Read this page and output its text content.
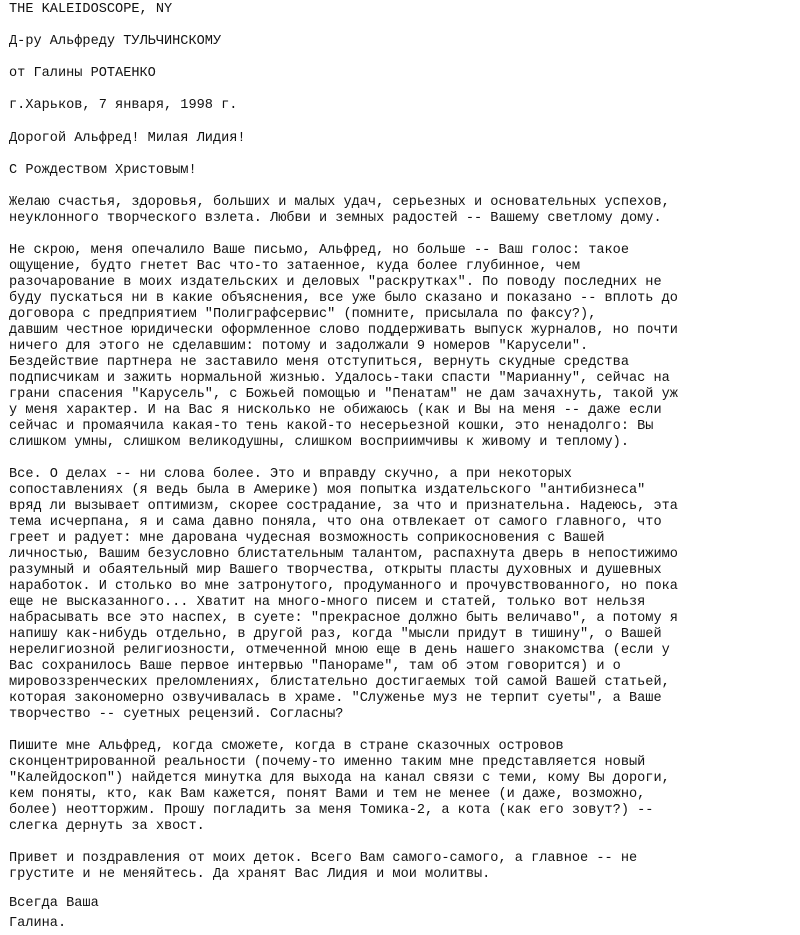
THE KALEIDOSCOPE, NY
Д-ру Альфреду ТУЛЬЧИНСКОМУ
от Галины РОТАЕНКО
г.Харьков, 7 января, 1998 г.
Дорогой Альфред! Милая Лидия!
С Рождеством Христовым!
Желаю счастья, здоровья, больших и малых удач, серьезных и основательных успехов,
неуклонного творческого взлета. Любви и земных радостей -- Вашему светлому дому.
Не скрою, меня опечалило Ваше письмо, Альфред, но больше -- Ваш голос: такое
ощущение, будто гнетет Вас что-то затаенное, куда более глубинное, чем
разочарование в моих издательских и деловых "раскрутках". По поводу последних не
буду пускаться ни в какие объяснения, все уже было сказано и показано -- вплоть до
договора с предприятием "Полиграфсервис" (помните, присылала по факсу?),
давшим честное юридически оформленное слово поддерживать выпуск журналов, но почти
ничего для этого не сделавшим: потому и задолжали 9 номеров "Карусели".
Бездействие партнера не заставило меня отступиться, вернуть скудные средства
подписчикам и зажить нормальной жизнью. Удалось-таки спасти "Марианну", сейчас на
грани спасения "Карусель", с Божьей помощью и "Пенатам" не дам зачахнуть, такой уж
у меня характер. И на Вас я нисколько не обижаюсь (как и Вы на меня -- даже если
сейчас и промаячила какая-то тень какой-то несерьезной кошки, это ненадолго: Вы
слишком умны, слишком великодушны, слишком восприимчивы к живому и теплому).
Все. О делах -- ни слова более. Это и вправду скучно, а при некоторых
сопоставлениях (я ведь была в Америке) моя попытка издательского "антибизнеса"
вряд ли вызывает оптимизм, скорее сострадание, за что и признательна. Надеюсь, эта
тема исчерпана, я и сама давно поняла, что она отвлекает от самого главного, что
греет и радует: мне дарована чудесная возможность соприкосновения с Вашей
личностью, Вашим безусловно блистательным талантом, распахнута дверь в непостижимо
разумный и обаятельный мир Вашего творчества, открыты пласты духовных и душевных
наработок. И столько во мне затронутого, продуманного и прочувствованного, но пока
еще не высказанного... Хватит на много-много писем и статей, только вот нельзя
набрасывать все это наспех, в суете: "прекрасное должно быть величаво", а потому я
напишу как-нибудь отдельно, в другой раз, когда "мысли придут в тишину", о Вашей
нерелигиозной религиозности, отмеченной мною еще в день нашего знакомства (если у
Вас сохранилось Ваше первое интервью "Панораме", там об этом говорится) и о
мировоззренческих преломлениях, блистательно достигаемых той самой Вашей статьей,
которая закономерно озвучивалась в храме. "Служенье муз не терпит суеты", а Ваше
творчество -- суетных рецензий. Согласны?
Пишите мне Альфред, когда сможете, когда в стране сказочных островов
сконцентрированной реальности (почему-то именно таким мне представляется новый
"Калейдоскоп") найдется минутка для выхода на канал связи с теми, кому Вы дороги,
кем поняты, кто, как Вам кажется, понят Вами и тем не менее (и даже, возможно,
более) неотторжим. Прошу погладить за меня Томика-2, а кота (как его зовут?) --
слегка дернуть за хвост.
Привет и поздравления от моих деток. Всего Вам самого-самого, а главное -- не
грустите и не меняйтесь. Да хранят Вас Лидия и мои молитвы.
Всегда Ваша
Галина.
